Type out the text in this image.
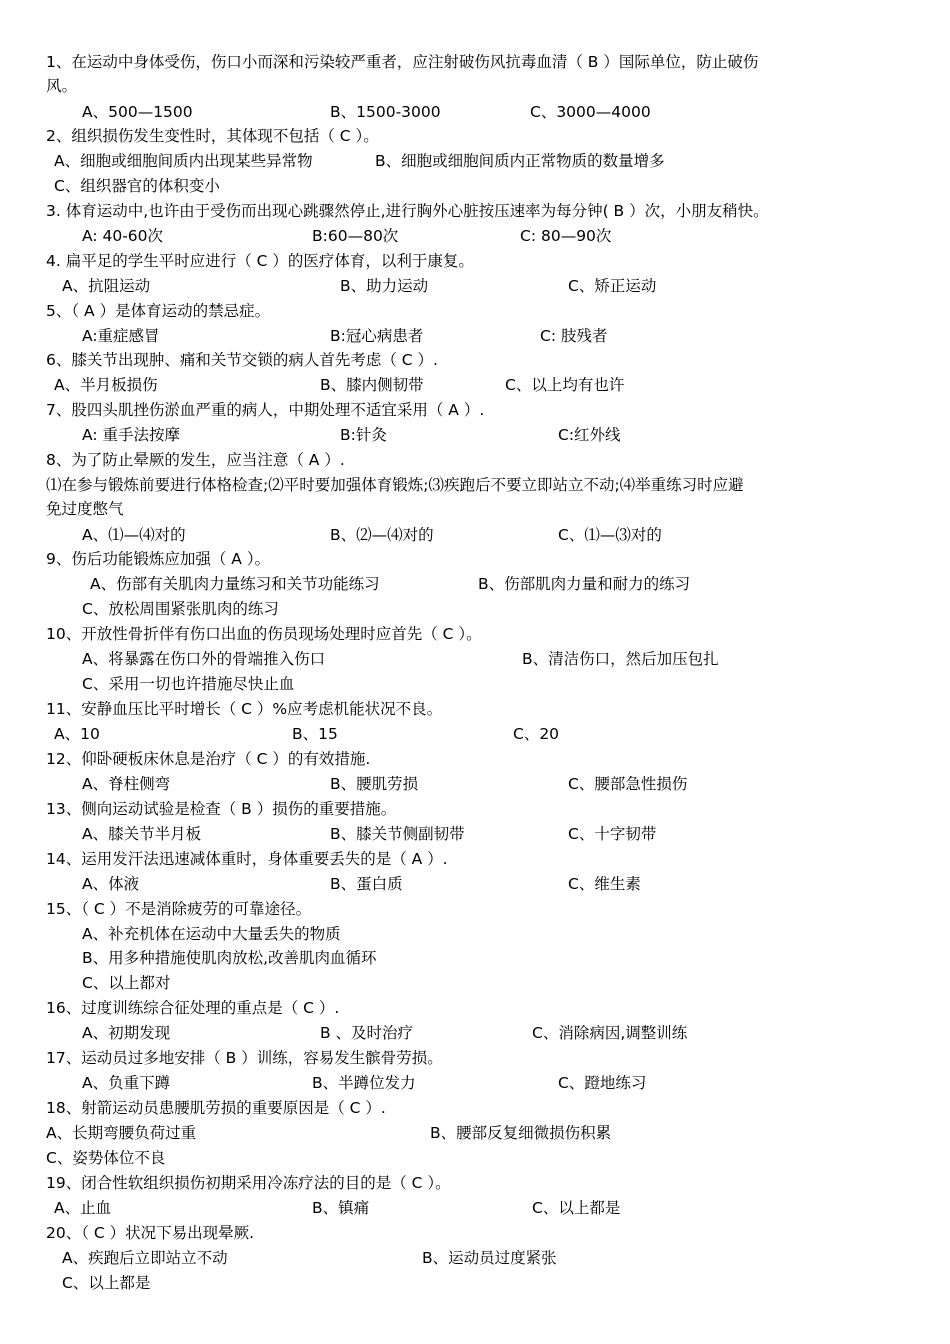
1、在运动中身体受伤，伤口小而深和污染较严重者，应注射破伤风抗毒血清（ B ）国际单位，防止破伤
风。
A、500—1500	B、1500-3000	C、3000—4000
2、组织损伤发生变性时，其体现不包括（ C ）。
A、细胞或细胞间质内出现某些异常物	B、细胞或细胞间质内正常物质的数量增多
C、组织器官的体积变小
3. 体育运动中,也许由于受伤而出现心跳骤然停止,进行胸外心脏按压速率为每分钟( B ）次，小朋友稍快。
A: 40-60次	B:60—80次	C: 80—90次
4. 扁平足的学生平时应进行（ C ）的医疗体育，以利于康复。
A、抗阻运动	B、助力运动	C、矫正运动
5、（ A ）是体育运动的禁忌症。
A:重症感冒	B:冠心病患者	C: 肢残者
6、膝关节出现肿、痛和关节交锁的病人首先考虑（ C ）.
A、半月板损伤	B、膝内侧韧带	C、以上均有也许
7、股四头肌挫伤淤血严重的病人，中期处理不适宜采用（ A ）.
A: 重手法按摩	B:针灸	C:红外线
8、为了防止晕厥的发生，应当注意（ A ）.
⑴在参与锻炼前要进行体格检查;⑵平时要加强体育锻炼;⑶疾跑后不要立即站立不动;⑷举重练习时应避
免过度憋气
A、⑴—⑷对的	B、⑵—⑷对的	C、⑴—⑶对的
9、伤后功能锻炼应加强（ A ）。
A、伤部有关肌肉力量练习和关节功能练习	B、伤部肌肉力量和耐力的练习
C、放松周围紧张肌肉的练习
10、开放性骨折伴有伤口出血的伤员现场处理时应首先（ C ）。
A、将暴露在伤口外的骨端推入伤口	B、清洁伤口，然后加压包扎
C、采用一切也许措施尽快止血
11、安静血压比平时增长（ C ）%应考虑机能状况不良。
A、10	B、15	C、20
12、仰卧硬板床休息是治疗（ C ）的有效措施.
A、脊柱侧弯	B、腰肌劳损	C、腰部急性损伤
13、侧向运动试验是检查（ B ）损伤的重要措施。
A、膝关节半月板	B、膝关节侧副韧带	C、十字韧带
14、运用发汗法迅速减体重时，身体重要丢失的是（ A ）.
A、体液	B、蛋白质	C、维生素
15、（ C ）不是消除疲劳的可靠途径。
A、补充机体在运动中大量丢失的物质
B、用多种措施使肌肉放松,改善肌肉血循环
C、以上都对
16、过度训练综合征处理的重点是（ C ）.
A、初期发现	B 、及时治疗	C、消除病因,调整训练
17、运动员过多地安排（ B ）训练，容易发生髌骨劳损。
A、负重下蹲	B、半蹲位发力	C、蹬地练习
18、射箭运动员患腰肌劳损的重要原因是（ C ）.
A、长期弯腰负荷过重	B、腰部反复细微损伤积累
C、姿势体位不良
19、闭合性软组织损伤初期采用冷冻疗法的目的是（ C ）。
A、止血	B、镇痛	C、以上都是
20、（ C ）状况下易出现晕厥.
A、疾跑后立即站立不动	B、运动员过度紧张
C、以上都是
